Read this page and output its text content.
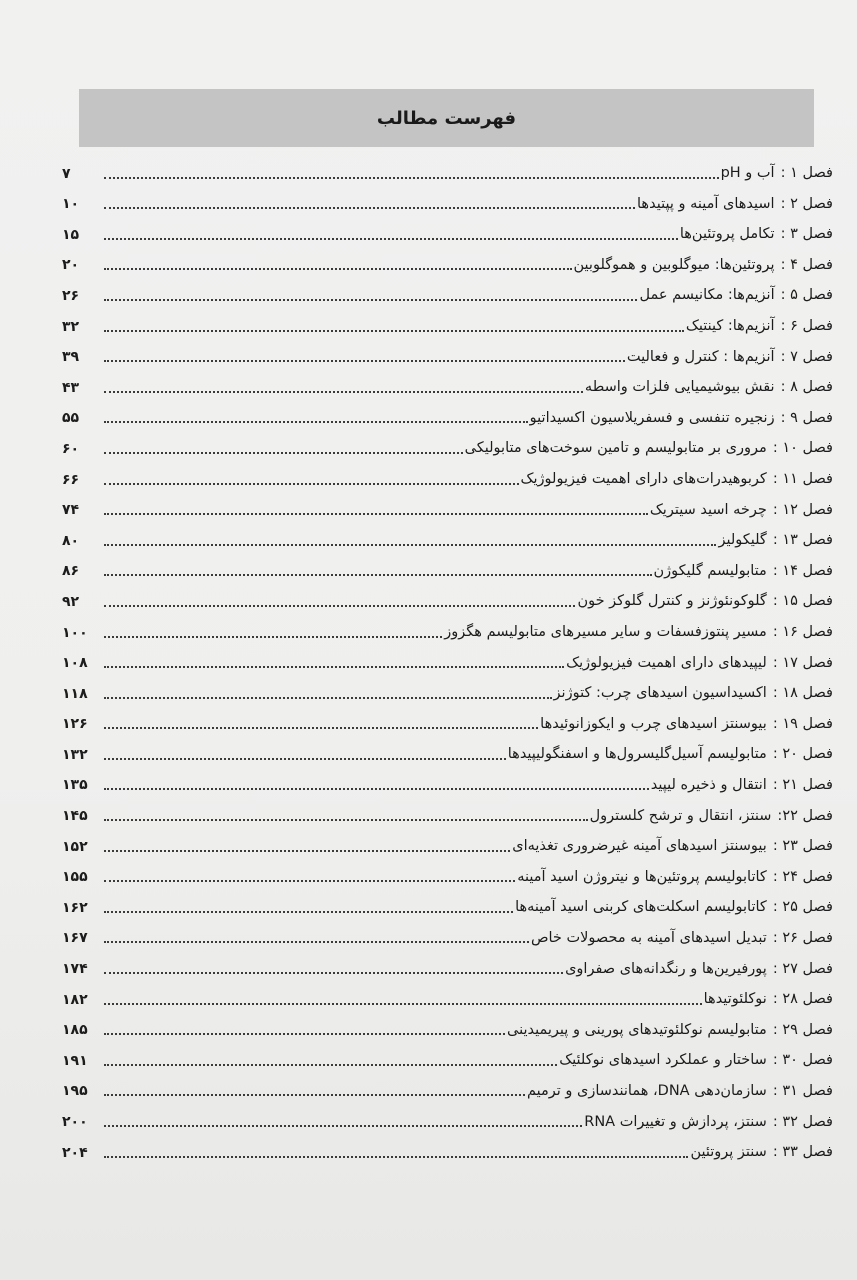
فهرست مطالب
۷	آب و pH فصل ۱ :
۱۰	اسیدهای آمینه و پپتیدها فصل ۲ :
۱۵	تکامل پروتئین‌ها فصل ۳ :
۲۰	پروتئین‌ها: میوگلوبین و هموگلوبین فصل ۴ :
۲۶	آنزیم‌ها: مکانیسم عمل فصل ۵ :
۳۲	آنزیم‌ها: کینتیک فصل ۶ :
۳۹	آنزیم‌ها : کنترل و فعالیت فصل ۷ :
۴۳	نقش بیوشیمیایی فلزات واسطه فصل ۸ :
۵۵	زنجیره تنفسی و فسفریلاسیون اکسیداتیو فصل ۹ :
۶۰	مروری بر متابولیسم و تامین سوخت‌های متابولیکی فصل ۱۰ :
۶۶	کربوهیدرات‌های دارای اهمیت فیزیولوژیک فصل ۱۱ :
۷۴	چرخه اسید سیتریک فصل ۱۲ :
۸۰	گلیکولیز فصل ۱۳ :
۸۶	متابولیسم گلیکوژن فصل ۱۴ :
۹۲	گلوکونئوژنز و کنترل گلوکز خون فصل ۱۵ :
۱۰۰	مسیر پنتوزفسفات و سایر مسیرهای متابولیسم هگزوز فصل ۱۶ :
۱۰۸	لیپیدهای دارای اهمیت فیزیولوژیک فصل ۱۷ :
۱۱۸	اکسیداسیون اسیدهای چرب: کتوژنز فصل ۱۸ :
۱۲۶	بیوسنتز اسیدهای چرب و ایکوزانوئیدها فصل ۱۹ :
۱۳۲	متابولیسم آسیل‌گلیسرول‌ها و اسفنگولیپیدها فصل ۲۰ :
۱۳۵	انتقال و ذخیره لیپید فصل ۲۱ :
۱۴۵	سنتز، انتقال و ترشح کلسترول فصل ۲۲:
۱۵۲	بیوسنتز اسیدهای آمینه غیرضروری تغذیه‌ای فصل ۲۳ :
۱۵۵	کاتابولیسم پروتئین‌ها و نیتروژن اسید آمینه فصل ۲۴ :
۱۶۲	کاتابولیسم اسکلت‌های کربنی اسید آمینه‌ها فصل ۲۵ :
۱۶۷	تبدیل اسیدهای آمینه به محصولات خاص فصل ۲۶ :
۱۷۴	پورفیرین‌ها و رنگدانه‌های صفراوی فصل ۲۷ :
۱۸۲	نوکلئوتیدها فصل ۲۸ :
۱۸۵	متابولیسم نوکلئوتیدهای پورینی و پیریمیدینی فصل ۲۹ :
۱۹۱	ساختار و عملکرد اسیدهای نوکلئیک فصل ۳۰ :
۱۹۵	سازمان‌دهی DNA، همانندسازی و ترمیم فصل ۳۱ :
۲۰۰	سنتز، پردازش و تغییرات RNA فصل ۳۲ :
۲۰۴	سنتز پروتئین فصل ۳۳ :
